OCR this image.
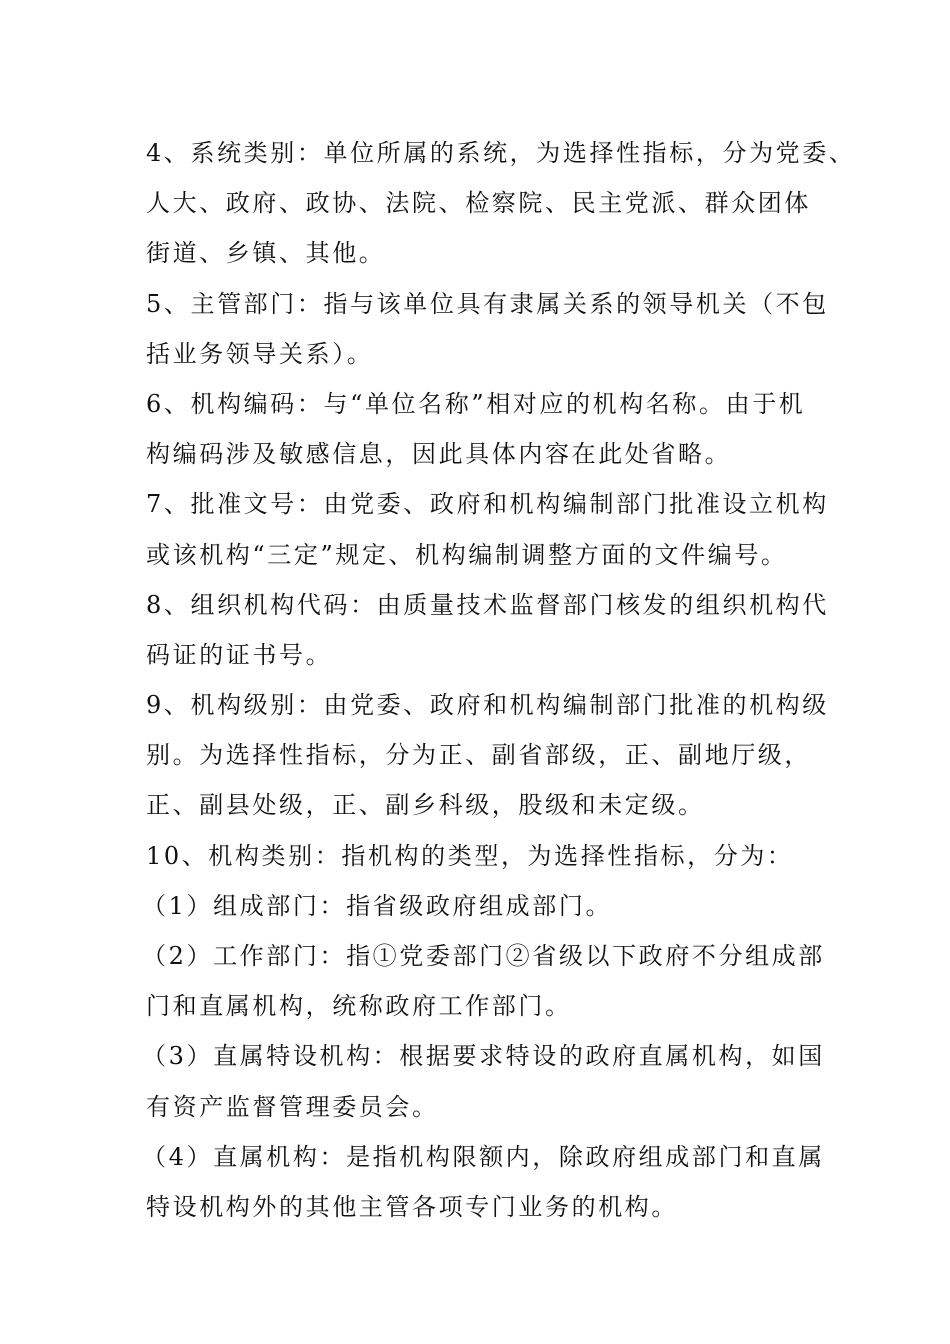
4、系统类别：单位所属的系统，为选择性指标，分为党委、

人大、政府、政协、法院、检察院、民主党派、群众团体

街道、乡镇、其他。

5、主管部门：指与该单位具有隶属关系的领导机关（不包

括业务领导关系）。

6、机构编码：与“单位名称”相对应的机构名称。由于机

构编码涉及敏感信息，因此具体内容在此处省略。

7、批准文号：由党委、政府和机构编制部门批准设立机构

或该机构“三定”规定、机构编制调整方面的文件编号。

8、组织机构代码：由质量技术监督部门核发的组织机构代

码证的证书号。

9、机构级别：由党委、政府和机构编制部门批准的机构级

别。为选择性指标，分为正、副省部级，正、副地厅级，

正、副县处级，正、副乡科级，股级和未定级。

10、机构类别：指机构的类型，为选择性指标，分为：

（1）组成部门：指省级政府组成部门。

（2）工作部门：指①党委部门②省级以下政府不分组成部

门和直属机构，统称政府工作部门。

（3）直属特设机构：根据要求特设的政府直属机构，如国

有资产监督管理委员会。

（4）直属机构：是指机构限额内，除政府组成部门和直属

特设机构外的其他主管各项专门业务的机构。
